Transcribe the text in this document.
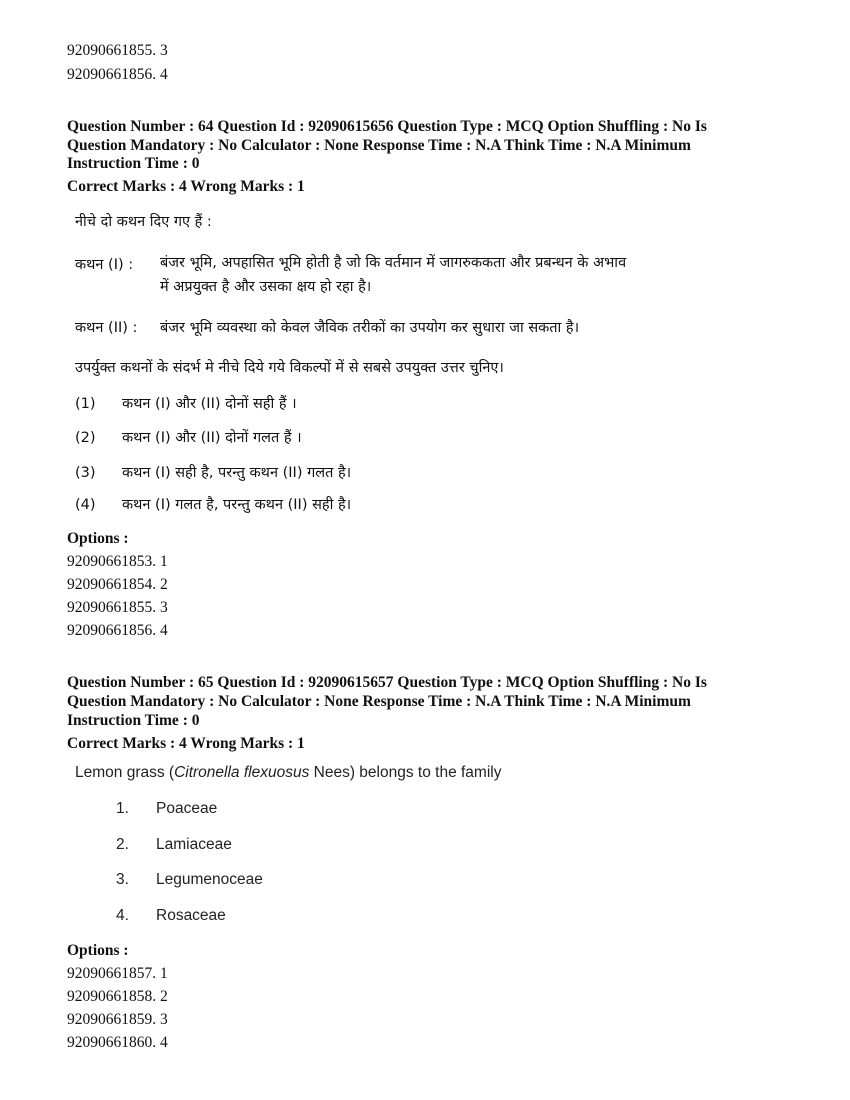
92090661855. 3
92090661856. 4
Question Number : 64 Question Id : 92090615656 Question Type : MCQ Option Shuffling : No Is
Question Mandatory : No Calculator : None Response Time : N.A Think Time : N.A Minimum
Instruction Time : 0
Correct Marks : 4 Wrong Marks : 1
नीचे दो कथन दिए गए हैं :
कथन (I) : बंजर भूमि, अपहासित भूमि होती है जो कि वर्तमान में जागरुककता और प्रबन्धन के अभाव
में अप्रयुक्त है और उसका क्षय हो रहा है।
कथन (II) : बंजर भूमि व्यवस्था को केवल जैविक तरीकों का उपयोग कर सुधारा जा सकता है।
उपर्युक्त कथनों के संदर्भ मे नीचे दिये गये विकल्पों में से सबसे उपयुक्त उत्तर चुनिए।
(1) कथन (I) और (II) दोनों सही हैं ।
(2) कथन (I) और (II) दोनों गलत हैं ।
(3) कथन (I) सही है, परन्तु कथन (II) गलत है।
(4) कथन (I) गलत है, परन्तु कथन (II) सही है।
Options :
92090661853. 1
92090661854. 2
92090661855. 3
92090661856. 4
Question Number : 65 Question Id : 92090615657 Question Type : MCQ Option Shuffling : No Is
Question Mandatory : No Calculator : None Response Time : N.A Think Time : N.A Minimum
Instruction Time : 0
Correct Marks : 4 Wrong Marks : 1
Lemon grass (Citronella flexuosus Nees) belongs to the family
1. Poaceae
2. Lamiaceae
3. Legumenoceae
4. Rosaceae
Options :
92090661857. 1
92090661858. 2
92090661859. 3
92090661860. 4
